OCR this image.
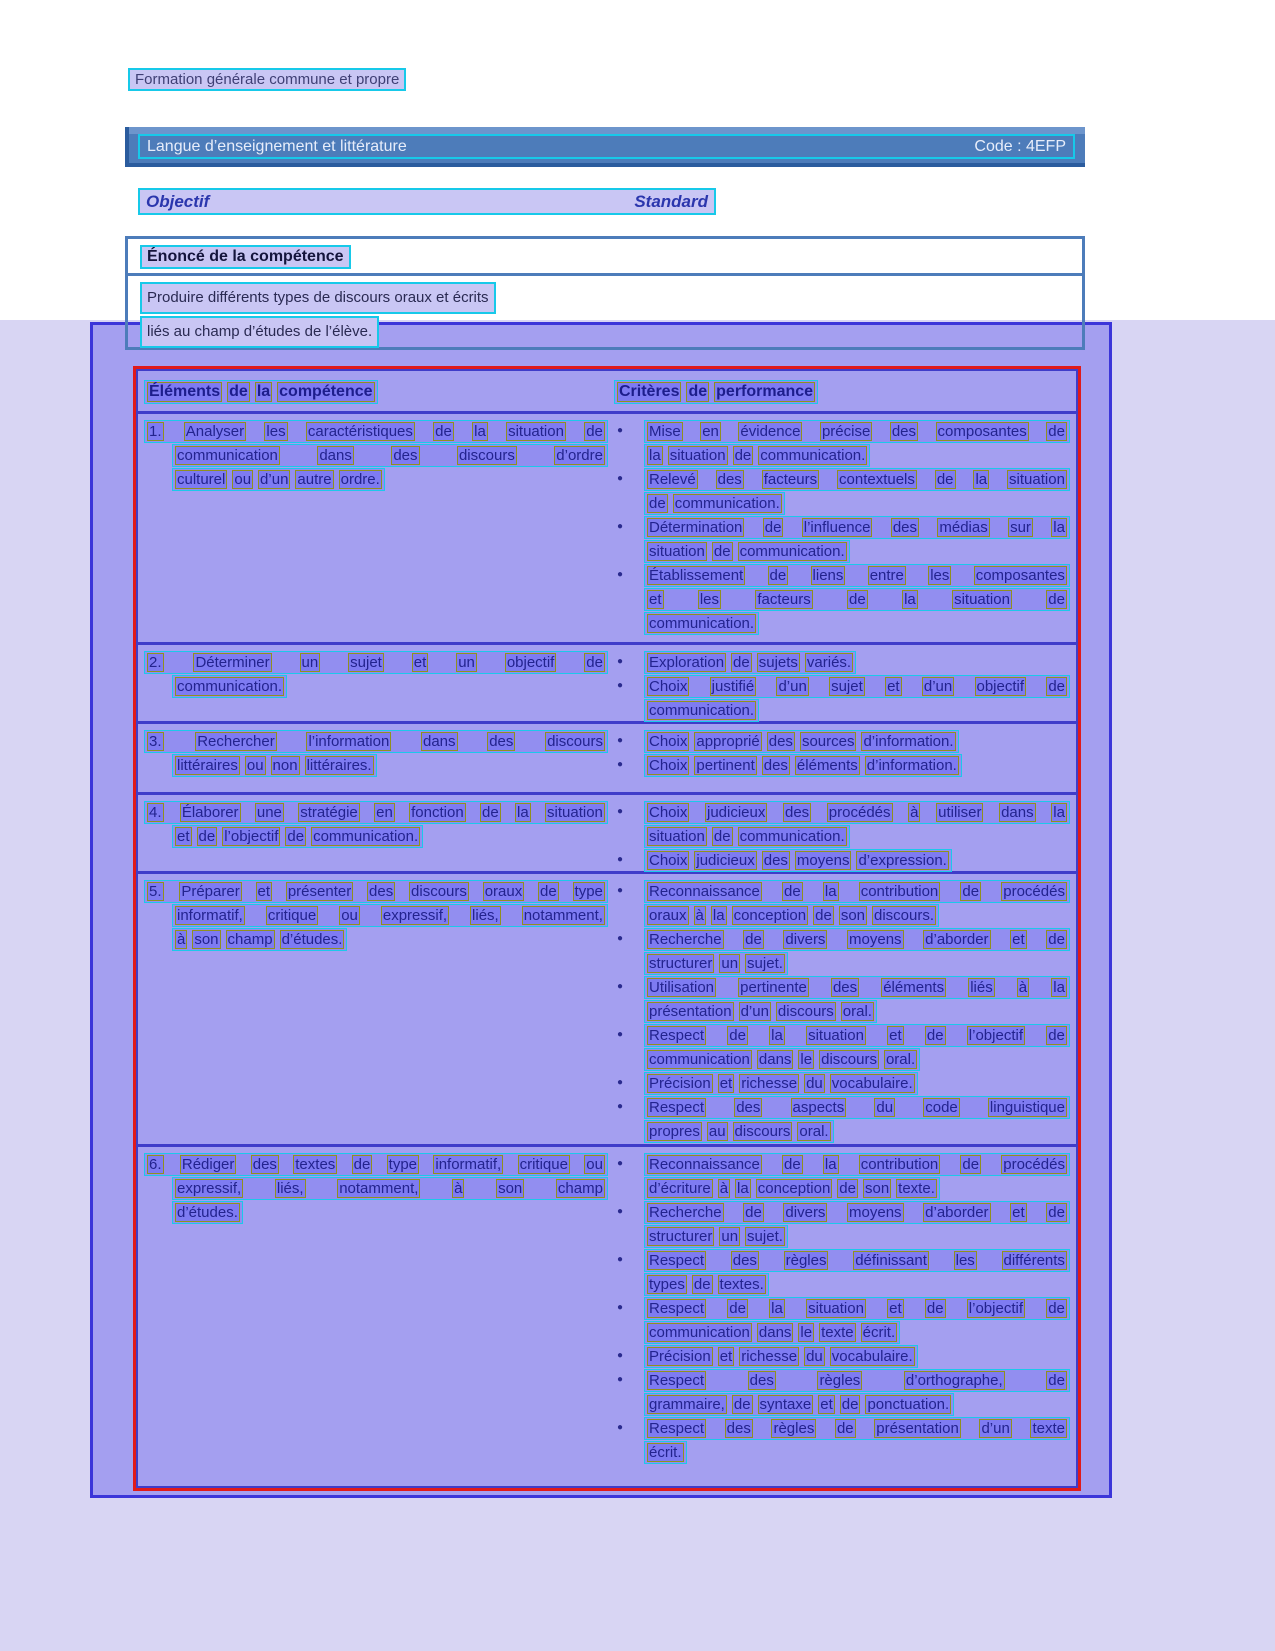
Formation générale commune et propre
Langue d’enseignement et littérature	Code : 4EFP
Objectif	Standard
Énoncé de la compétence
Produire différents types de discours oraux et écrits
liés au champ d’études de l’élève.
Éléments de la compétence	Critères de performance
1. Analyser les caractéristiques de la situation de
communication	dans	des	discours	d’ordre
culturel ou d’un autre ordre.
●	Mise en évidence précise des composantes de
la situation de communication.
●	Relevé des facteurs contextuels de la situation
de communication.
●	Détermination de l’influence des médias sur la
situation de communication.
●	Établissement de liens entre les composantes
et	les	facteurs	de	la	situation	de
communication.
2. Déterminer un sujet et un objectif de
communication.
●	Exploration de sujets variés.
●	Choix justifié d’un sujet et d’un objectif de
communication.
3. Rechercher l’information dans des discours
littéraires ou non littéraires.
●	Choix approprié des sources d’information.
●	Choix pertinent des éléments d’information.
4. Élaborer une stratégie en fonction de la situation
et de l’objectif de communication.
●	Choix judicieux des procédés à utiliser dans la
situation de communication.
●	Choix judicieux des moyens d’expression.
5. Préparer et présenter des discours oraux de type
informatif, critique ou expressif, liés, notamment,
à son champ d’études.
●	Reconnaissance de la contribution de procédés
oraux à la conception de son discours.
●	Recherche de divers moyens d’aborder et de
structurer un sujet.
●	Utilisation pertinente des éléments liés à la
présentation d’un discours oral.
●	Respect de la situation et de l’objectif de
communication dans le discours oral.
●	Précision et richesse du vocabulaire.
●	Respect des aspects du code linguistique
propres au discours oral.
6. Rédiger des textes de type informatif, critique ou
expressif, liés, notamment, à son champ
d’études.
●	Reconnaissance de la contribution de procédés
d’écriture à la conception de son texte.
●	Recherche de divers moyens d’aborder et de
structurer un sujet.
●	Respect des règles définissant les différents
types de textes.
●	Respect de la situation et de l’objectif de
communication dans le texte écrit.
●	Précision et richesse du vocabulaire.
●	Respect	des	règles	d’orthographe,	de
grammaire, de syntaxe et de ponctuation.
●	Respect des règles de présentation d’un texte
écrit.
